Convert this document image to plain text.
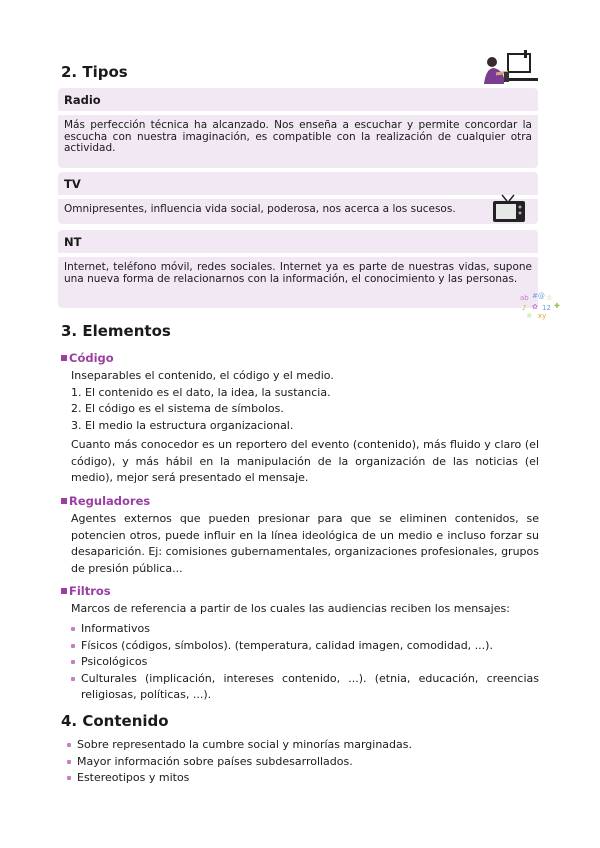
2. Tipos
Radio
Más perfección técnica ha alcanzado. Nos enseña a escuchar y permite concordar la escucha con nuestra imaginación, es compatible con la realización de cualquier otra actividad.
TV
Omnipresentes, influencia vida social, poderosa, nos acerca a los sucesos.
NT
Internet, teléfono móvil, redes sociales. Internet ya es parte de nuestras vidas, supone una nueva forma de relacionarnos con la información, el conocimiento y las personas.
ab #@ ☆
♪ ✿ 12 ✚
☼ xy
3. Elementos
Código
Inseparables el contenido, el código y el medio.
1. El contenido es el dato, la idea, la sustancia.
2. El código es el sistema de símbolos.
3. El medio la estructura organizacional.
Cuanto más conocedor es un reportero del evento (contenido), más fluido y claro (el código), y más hábil en la manipulación de la organización de las noticias (el medio), mejor será presentado el mensaje.
Reguladores
Agentes externos que pueden presionar para que se eliminen contenidos, se potencien otros, puede influir en la línea ideológica de un medio e incluso forzar su desaparición. Ej: comisiones gubernamentales, organizaciones profesionales, grupos de presión pública...
Filtros
Marcos de referencia a partir de los cuales las audiencias reciben los mensajes:
Informativos
Físicos (códigos, símbolos). (temperatura, calidad imagen, comodidad, ...).
Psicológicos
Culturales (implicación, intereses contenido, ...). (etnia, educación, creencias religiosas, políticas, ...).
4. Contenido
Sobre representado la cumbre social y minorías marginadas.
Mayor información sobre países subdesarrollados.
Estereotipos y mitos
